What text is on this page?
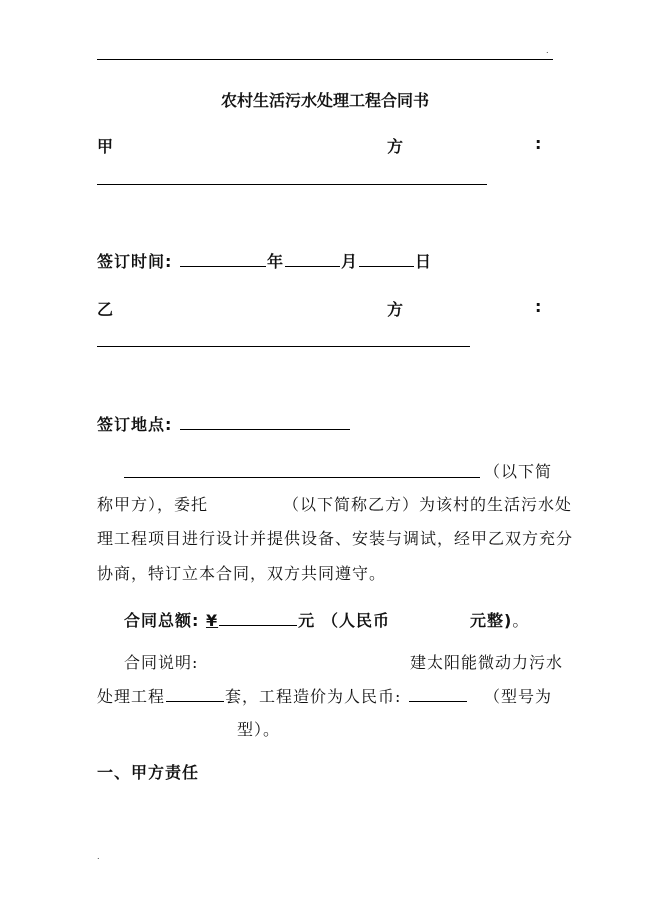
.
农村生活污水处理工程合同书
甲	方	:
签订时间:	年	月	日
乙	方	:
签订地点:
（以下简
称甲方），委托	（以下简称乙方）为该村的生活污水处
理工程项目进行设计并提供设备、安装与调试，经甲乙双方充分
协商，特订立本合同，双方共同遵守。
合同总额: ¥	元 （人民币	元整)。
合同说明:	建太阳能微动力污水
处理工程	套，工程造价为人民币:	（型号为
型）。
一、甲方责任
.
